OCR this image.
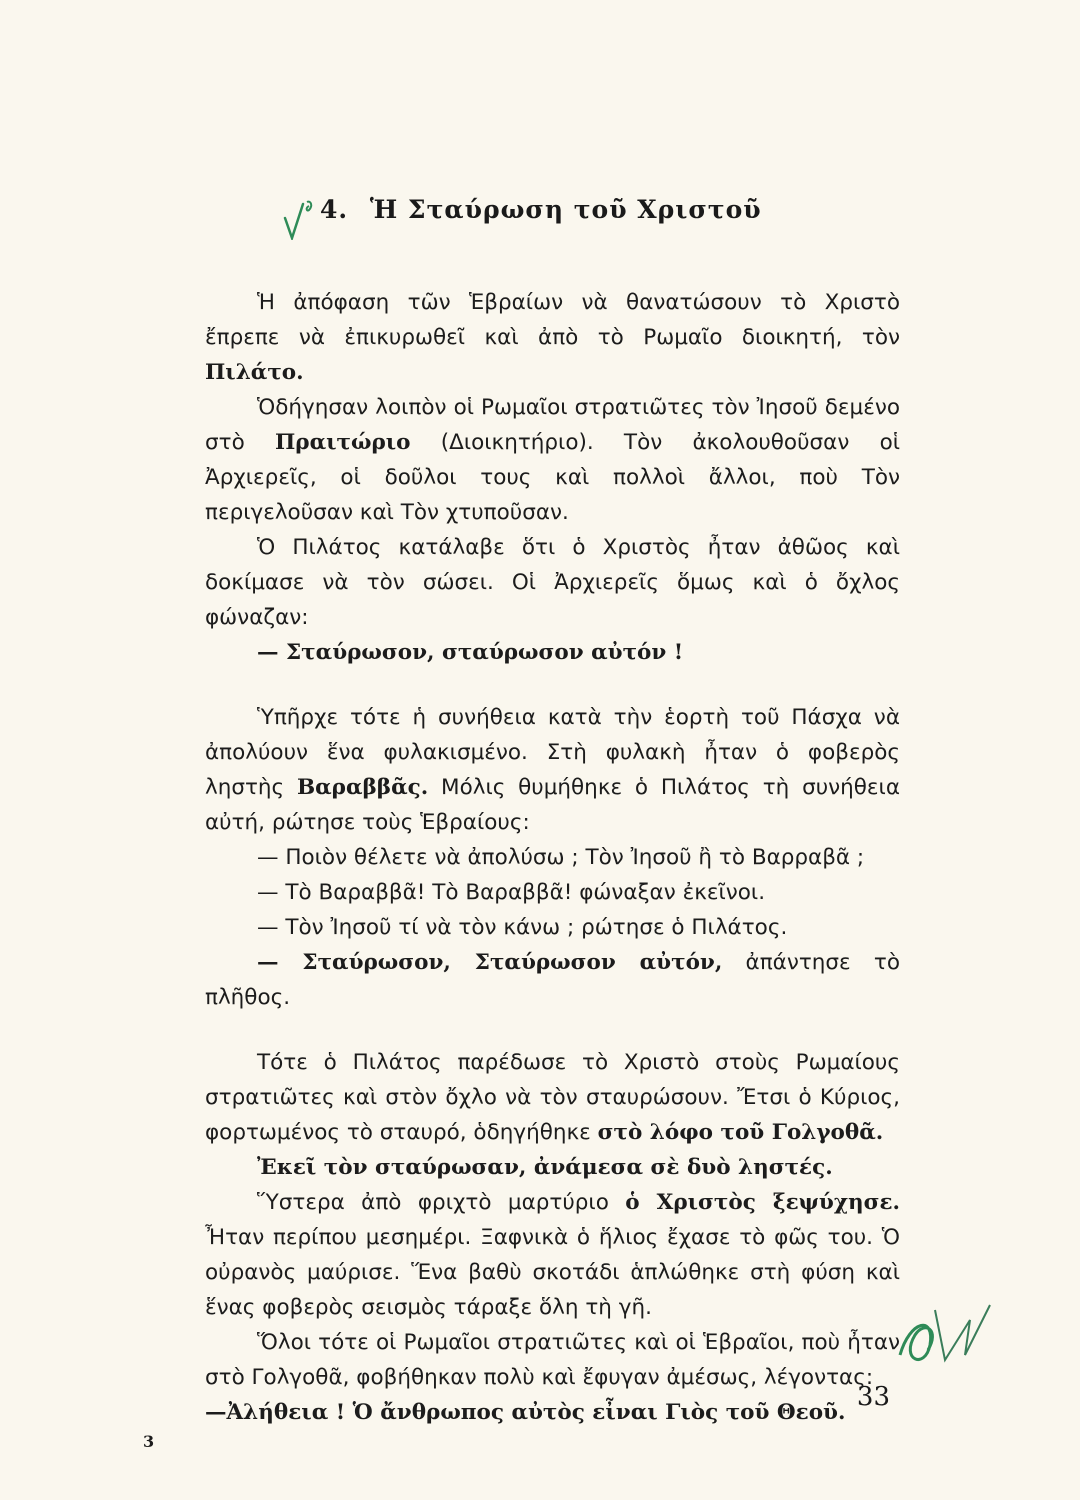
4. Ἡ Σταύρωση τοῦ Χριστοῦ

Ἡ ἀπόφαση τῶν Ἑβραίων νὰ θανατώσουν τὸ Χριστὸ ἔπρεπε νὰ ἐπικυρωθεῖ καὶ ἀπὸ τὸ Ρωμαῖο διοικητή, τὸν Πιλάτο.

Ὁδήγησαν λοιπὸν οἱ Ρωμαῖοι στρατιῶτες τὸν Ἰησοῦ δεμένο στὸ Πραιτώριο (Διοικητήριο). Τὸν ἀκολουθοῦσαν οἱ Ἀρχιερεῖς, οἱ δοῦλοι τους καὶ πολλοὶ ἄλλοι, ποὺ Τὸν περιγελοῦσαν καὶ Τὸν χτυποῦσαν.

Ὁ Πιλάτος κατάλαβε ὅτι ὁ Χριστὸς ἦταν ἀθῶος καὶ δοκίμασε νὰ τὸν σώσει. Οἱ Ἀρχιερεῖς ὅμως καὶ ὁ ὄχλος φώναζαν:

— Σταύρωσον, σταύρωσον αὐτόν !

Ὑπῆρχε τότε ἡ συνήθεια κατὰ τὴν ἑορτὴ τοῦ Πάσχα νὰ ἀπολύουν ἕνα φυλακισμένο. Στὴ φυλακὴ ἦταν ὁ φοβερὸς ληστὴς Βαραββᾶς. Μόλις θυμήθηκε ὁ Πιλάτος τὴ συνήθεια αὐτή, ρώτησε τοὺς Ἑβραίους:

— Ποιὸν θέλετε νὰ ἀπολύσω ; Τὸν Ἰησοῦ ἢ τὸ Βαρραβᾶ ;

— Τὸ Βαραββᾶ! Τὸ Βαραββᾶ! φώναξαν ἐκεῖνοι.

— Τὸν Ἰησοῦ τί νὰ τὸν κάνω ; ρώτησε ὁ Πιλάτος.

— Σταύρωσον, Σταύρωσον αὐτόν, ἀπάντησε τὸ πλῆθος.

Τότε ὁ Πιλάτος παρέδωσε τὸ Χριστὸ στοὺς Ρωμαίους στρατιῶτες καὶ στὸν ὄχλο νὰ τὸν σταυρώσουν. Ἔτσι ὁ Κύριος, φορτωμένος τὸ σταυρό, ὁδηγήθηκε στὸ λόφο τοῦ Γολγοθᾶ.

Ἐκεῖ τὸν σταύρωσαν, ἀνάμεσα σὲ δυὸ ληστές.

Ὕστερα ἀπὸ φριχτὸ μαρτύριο ὁ Χριστὸς ξεψύχησε. Ἦταν περίπου μεσημέρι. Ξαφνικὰ ὁ ἥλιος ἔχασε τὸ φῶς του. Ὁ οὐρανὸς μαύρισε. Ἕνα βαθὺ σκοτάδι ἁπλώθηκε στὴ φύση καὶ ἕνας φοβερὸς σεισμὸς τάραξε ὅλη τὴ γῆ.

Ὅλοι τότε οἱ Ρωμαῖοι στρατιῶτες καὶ οἱ Ἑβραῖοι, ποὺ ἦταν στὸ Γολγοθᾶ, φοβήθηκαν πολὺ καὶ ἔφυγαν ἀμέσως, λέγοντας:

—Ἀλήθεια ! Ὁ ἄνθρωπος αὐτὸς εἶναι Γιὸς τοῦ Θεοῦ.

33
3
